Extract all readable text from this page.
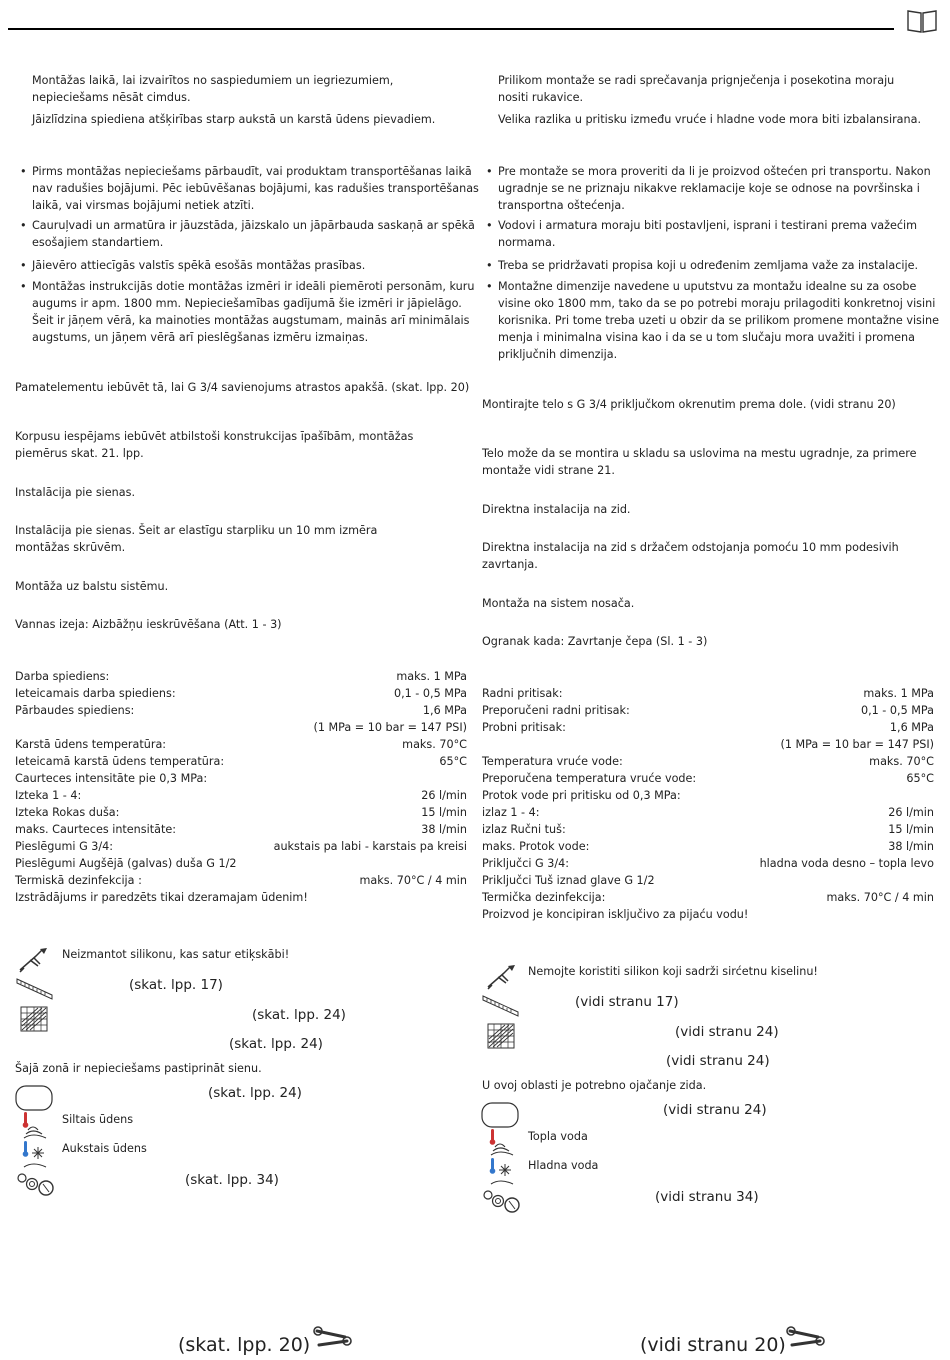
Montāžas laikā, lai izvairītos no saspiedumiem un iegriezumiem, nepieciešams nēsāt cimdus.

Jāizlīdzina spiediena atšķirības starp aukstā un karstā ūdens pievadiem.

• Pirms montāžas nepieciešams pārbaudīt, vai produktam transportēšanas laikā nav radušies bojājumi. Pēc iebūvēšanas bojājumi, kas radušies transportēšanas laikā, vai virsmas bojājumi netiek atzīti.
• Cauruļvadi un armatūra ir jāuzstāda, jāizskalo un jāpārbauda saskaņā ar spēkā esošajiem standartiem.
• Jāievēro attiecīgās valstīs spēkā esošās montāžas prasības.
• Montāžas instrukcijās dotie montāžas izmēri ir ideāli piemēroti personām, kuru augums ir apm. 1800 mm. Nepieciešamības gadījumā šie izmēri ir jāpielāgo. Šeit ir jāņem vērā, ka mainoties montāžas augstumam, mainās arī minimālais augstums, un jāņem vērā arī pieslēgšanas izmēru izmaiņas.

Pamatelementu iebūvēt tā, lai G 3/4 savienojums atrastos apakšā. (skat. lpp. 20)

Korpusu iespējams iebūvēt atbilstoši konstrukcijas īpašībām, montāžas piemērus skat. 21. lpp.

Instalācija pie sienas.

Instalācija pie sienas. Šeit ar elastīgu starpliku un 10 mm izmēra montāžas skrūvēm.

Montāža uz balstu sistēmu.

Vannas izeja: Aizbāžņu ieskrūvēšana (Att. 1 - 3)

Darba spiediens:	maks. 1 MPa
Ieteicamais darba spiediens:	0,1 - 0,5 MPa
Pārbaudes spiediens:	1,6 MPa
(1 MPa = 10 bar = 147 PSI)
Karstā ūdens temperatūra:	maks. 70°C
Ieteicamā karstā ūdens temperatūra:	65°C
Caurteces intensitāte pie 0,3 MPa:
Izteka 1 - 4:	26 l/min
Izteka Rokas duša:	15 l/min
maks. Caurteces intensitāte:	38 l/min
Pieslēgumi G 3/4:	aukstais pa labi - karstais pa kreisi
Pieslēgumi Augšējā (galvas) duša G 1/2
Termiskā dezinfekcija :	maks. 70°C / 4 min
Izstrādājums ir paredzēts tikai dzeramajam ūdenim!

Neizmantot silikonu, kas satur etiķskābi!

(skat. lpp. 17)
(skat. lpp. 24)
(skat. lpp. 24)

Šajā zonā ir nepieciešams pastiprināt sienu.

(skat. lpp. 24)

Siltais ūdens

Aukstais ūdens

(skat. lpp. 34)
(skat. lpp. 20)

Prilikom montaže se radi sprečavanja prignječenja i posekotina moraju nositi rukavice.

Velika razlika u pritisku između vruće i hladne vode mora biti izbalansirana.

• Pre montaže se mora proveriti da li je proizvod oštećen pri transportu. Nakon ugradnje se ne priznaju nikakve reklamacije koje se odnose na površinska i transportna oštećenja.
• Vodovi i armatura moraju biti postavljeni, isprani i testirani prema važećim normama.
• Treba se pridržavati propisa koji u određenim zemljama važe za instalacije.
• Montažne dimenzije navedene u uputstvu za montažu idealne su za osobe visine oko 1800 mm, tako da se po potrebi moraju prilagoditi konkretnoj visini korisnika. Pri tome treba uzeti u obzir da se prilikom promene montažne visine menja i minimalna visina kao i da se u tom slučaju mora uvažiti i promena priključnih dimenzija.

Montirajte telo s G 3/4 priključkom okrenutim prema dole. (vidi stranu 20)

Telo može da se montira u skladu sa uslovima na mestu ugradnje, za primere montaže vidi strane 21.

Direktna instalacija na zid.

Direktna instalacija na zid s držačem odstojanja pomoću 10 mm podesivih zavrtanja.

Montaža na sistem nosača.

Ogranak kada: Zavrtanje čepa (Sl. 1 - 3)

Radni pritisak:	maks. 1 MPa
Preporučeni radni pritisak:	0,1 - 0,5 MPa
Probni pritisak:	1,6 MPa
(1 MPa = 10 bar = 147 PSI)
Temperatura vruće vode:	maks. 70°C
Preporučena temperatura vruće vode:	65°C
Protok vode pri pritisku od 0,3 MPa:
izlaz 1 - 4:	26 l/min
izlaz Ručni tuš:	15 l/min
maks. Protok vode:	38 l/min
Priključci G 3/4:	hladna voda desno – topla levo
Priključci Tuš iznad glave G 1/2
Termička dezinfekcija:	maks. 70°C / 4 min
Proizvod je koncipiran isključivo za pijaću vodu!

Nemojte koristiti silikon koji sadrži sirćetnu kiselinu!

(vidi stranu 17)
(vidi stranu 24)
(vidi stranu 24)

U ovoj oblasti je potrebno ojačanje zida.

(vidi stranu 24)

Topla voda

Hladna voda

(vidi stranu 34)
(vidi stranu 20)
